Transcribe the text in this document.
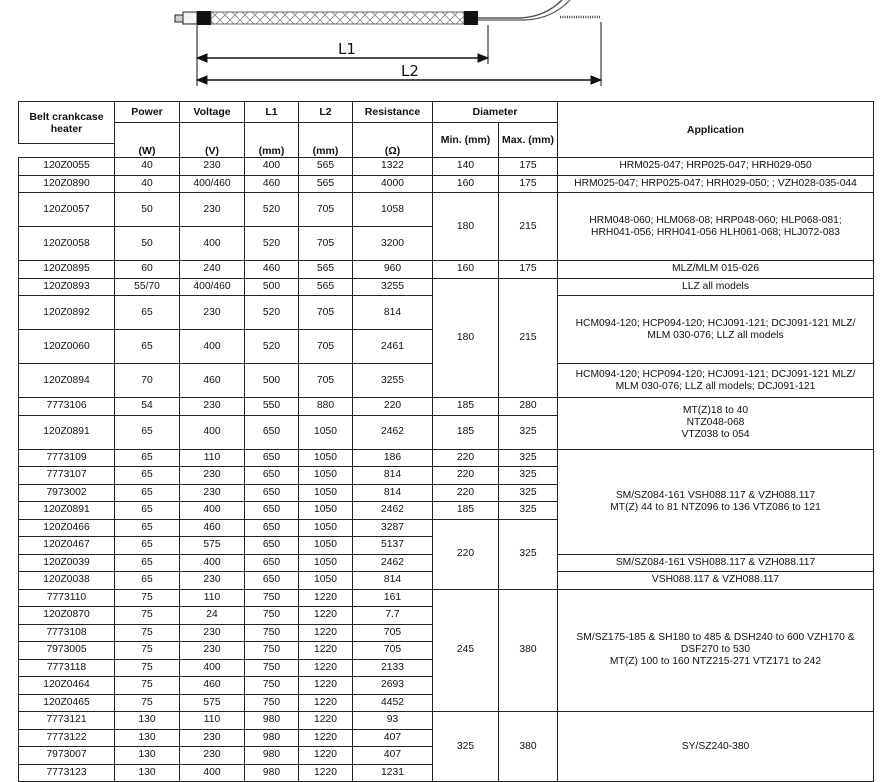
L1
L2
Belt crankcase heater	Power	Voltage	L1	L2	Resistance	Diameter		Application
	(W)	(V)	(mm)	(mm)	(Ω)	Min. (mm)	Max. (mm)	

120Z0055	40	230	400	565	1322	140	175	HRM025-047; HRP025-047; HRH029-050
120Z0890	40	400/460	460	565	4000	160	175	HRM025-047; HRP025-047; HRH029-050; ; VZH028-035-044
120Z0057	50	230	520	705	1058	180	215	HRM048-060; HLM068-08; HRP048-060; HLP068-081;
HRH041-056; HRH041-056 HLH061-068; HLJ072-083
120Z0058	50	400	520	705	3200			
120Z0895	60	240	460	565	960	160	175	MLZ/MLM 015-026
120Z0893	55/70	400/460	500	565	3255	180	215	LLZ all models
120Z0892	65	230	520	705	814			HCM094-120; HCP094-120; HCJ091-121; DCJ091-121 MLZ/
MLM 030-076; LLZ all models
120Z0060	65	400	520	705	2461			
120Z0894	70	460	500	705	3255			HCM094-120; HCP094-120; HCJ091-121; DCJ091-121 MLZ/
MLM 030-076; LLZ all models; DCJ091-121
7773106	54	230	550	880	220	185	280	MT(Z)18 to 40
NTZ048-068
VTZ038 to 054
120Z0891	65	400	650	1050	2462	185	325	
7773109	65	110	650	1050	186	220	325	SM/SZ084-161 VSH088.117 & VZH088.117
MT(Z) 44 to 81 NTZ096 to 136 VTZ086 to 121
7773107	65	230	650	1050	814	220	325	
7973002	65	230	650	1050	814	220	325	
120Z0891	65	400	650	1050	2462	185	325	
120Z0466	65	460	650	1050	3287	220	325	
120Z0467	65	575	650	1050	5137			
120Z0039	65	400	650	1050	2462			SM/SZ084-161 VSH088.117 & VZH088.117
120Z0038	65	230	650	1050	814			VSH088.117 & VZH088.117
7773110	75	110	750	1220	161	245	380	SM/SZ175-185 & SH180 to 485 & DSH240 to 600 VZH170 &
DSF270 to 530
MT(Z) 100 to 160 NTZ215-271 VTZ171 to 242
120Z0870	75	24	750	1220	7.7			
7773108	75	230	750	1220	705			
7973005	75	230	750	1220	705			
7773118	75	400	750	1220	2133			
120Z0464	75	460	750	1220	2693			
120Z0465	75	575	750	1220	4452			
7773121	130	110	980	1220	93	325	380	SY/SZ240-380
7773122	130	230	980	1220	407			
7973007	130	230	980	1220	407			
7773123	130	400	980	1220	1231			
